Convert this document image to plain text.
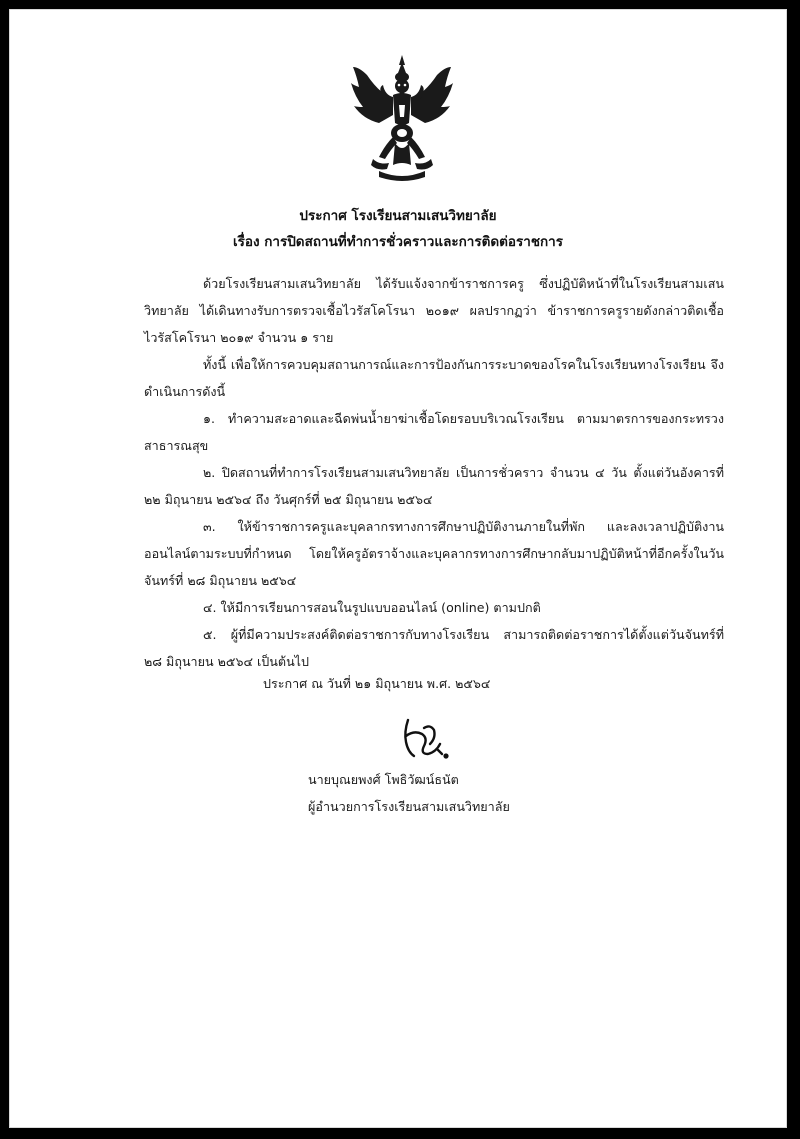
ประกาศ โรงเรียนสามเสนวิทยาลัย
เรื่อง การปิดสถานที่ทำการชั่วคราวและการติดต่อราชการ

ด้วยโรงเรียนสามเสนวิทยาลัย ได้รับแจ้งจากข้าราชการครู ซึ่งปฏิบัติหน้าที่ในโรงเรียนสามเสนวิทยาลัย ได้เดินทางรับการตรวจเชื้อไวรัสโคโรนา ๒๐๑๙ ผลปรากฏว่า ข้าราชการครูรายดังกล่าวติดเชื้อไวรัสโคโรนา ๒๐๑๙ จำนวน ๑ ราย

ทั้งนี้ เพื่อให้การควบคุมสถานการณ์และการป้องกันการระบาดของโรคในโรงเรียนทางโรงเรียน จึงดำเนินการดังนี้

๑. ทำความสะอาดและฉีดพ่นน้ำยาฆ่าเชื้อโดยรอบบริเวณโรงเรียน ตามมาตรการของกระทรวงสาธารณสุข

๒. ปิดสถานที่ทำการโรงเรียนสามเสนวิทยาลัย เป็นการชั่วคราว จำนวน ๔ วัน ตั้งแต่วันอังคารที่ ๒๒ มิถุนายน ๒๕๖๔ ถึง วันศุกร์ที่ ๒๕ มิถุนายน ๒๕๖๔

๓. ให้ข้าราชการครูและบุคลากรทางการศึกษาปฏิบัติงานภายในที่พัก และลงเวลาปฏิบัติงานออนไลน์ตามระบบที่กำหนด โดยให้ครูอัตราจ้างและบุคลากรทางการศึกษากลับมาปฏิบัติหน้าที่อีกครั้งในวันจันทร์ที่ ๒๘ มิถุนายน ๒๕๖๔

๔. ให้มีการเรียนการสอนในรูปแบบออนไลน์ (online) ตามปกติ

๕. ผู้ที่มีความประสงค์ติดต่อราชการกับทางโรงเรียน สามารถติดต่อราชการได้ตั้งแต่วันจันทร์ที่ ๒๘ มิถุนายน ๒๕๖๔ เป็นต้นไป

ประกาศ ณ วันที่ ๒๑ มิถุนายน พ.ศ. ๒๕๖๔
นายบุณยพงศ์ โพธิวัฒน์ธนัต
ผู้อำนวยการโรงเรียนสามเสนวิทยาลัย
